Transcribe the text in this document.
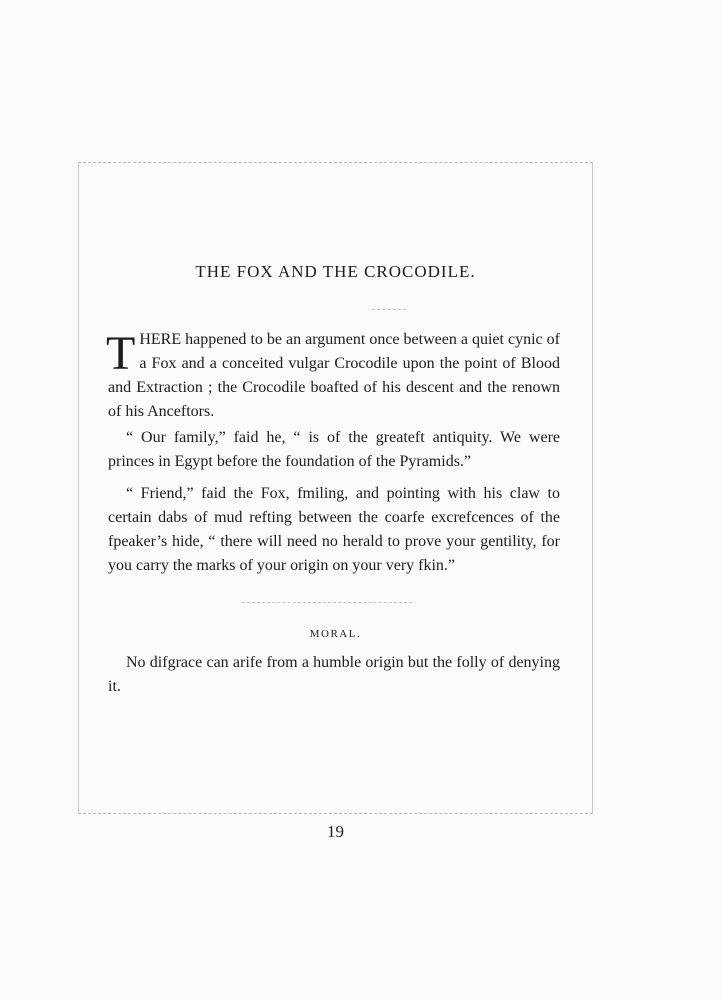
THE FOX AND THE CROCODILE.

THERE happened to be an argument once between a quiet cynic of a Fox and a conceited vulgar Crocodile upon the point of Blood and Extraction ; the Crocodile boafted of his descent and the renown of his Anceftors.

“ Our family,” faid he, “ is of the greateft antiquity. We were princes in Egypt before the foundation of the Pyramids.”

“ Friend,” faid the Fox, fmiling, and pointing with his claw to certain dabs of mud refting between the coarfe excrefcences of the fpeaker’s hide, “ there will need no herald to prove your gentility, for you carry the marks of your origin on your very fkin.”

MORAL.

No difgrace can arife from a humble origin but the folly of denying it.

19
